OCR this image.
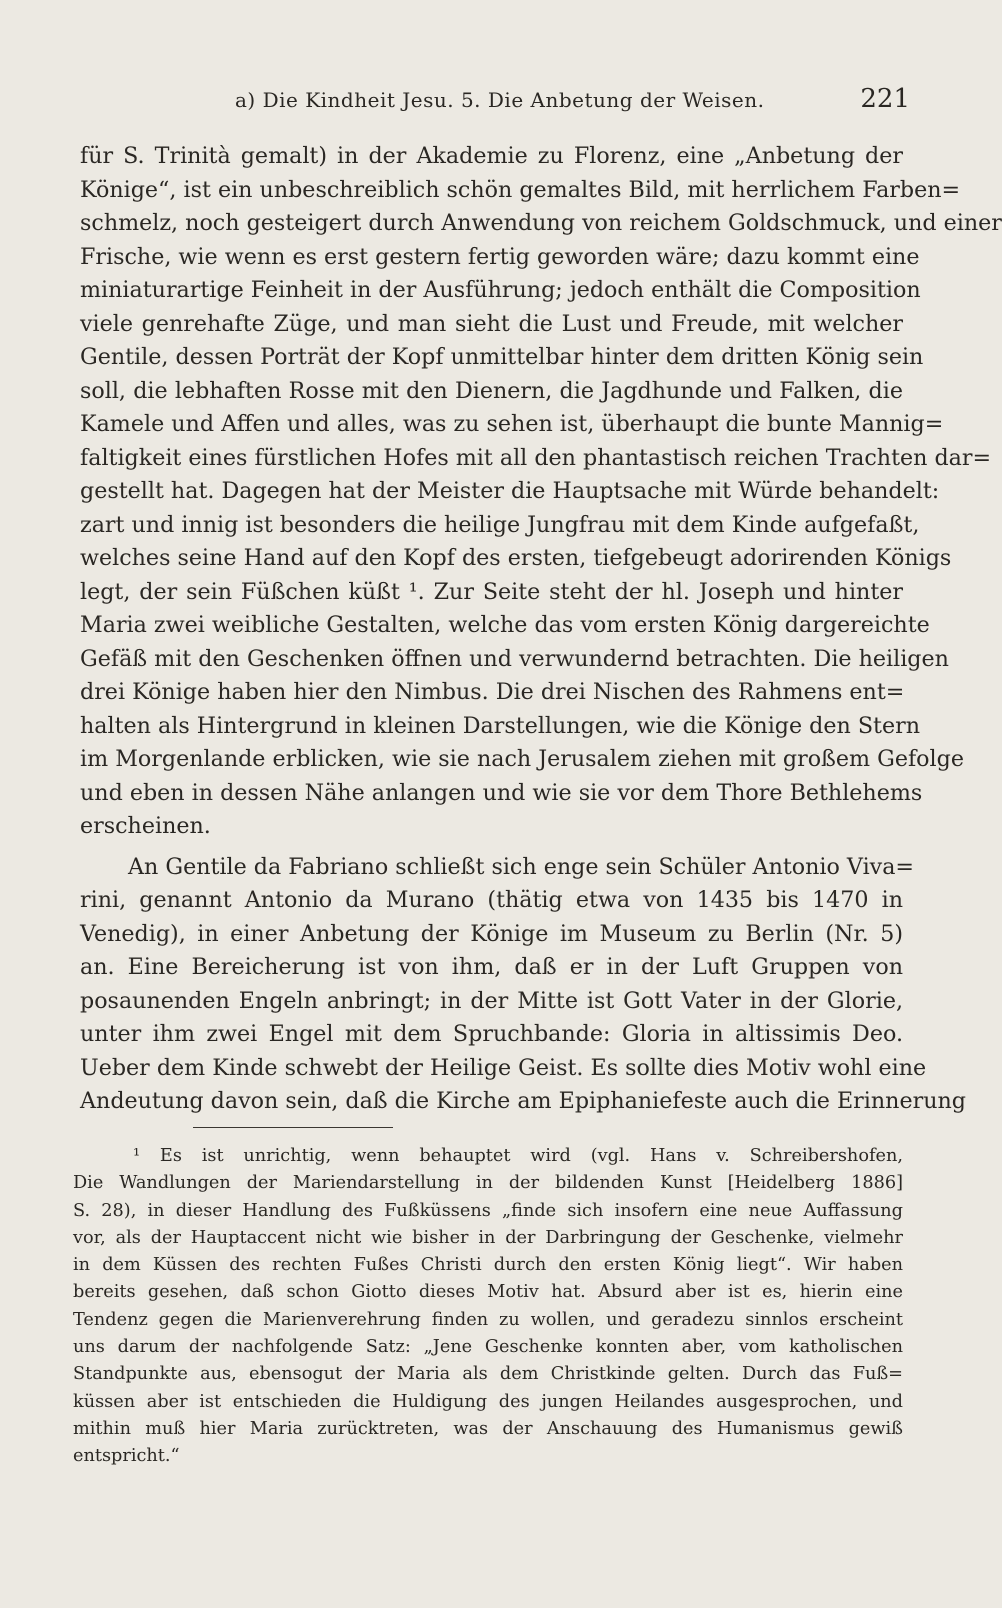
a) Die Kindheit Jesu. 5. Die Anbetung der Weisen.	221
für S. Trinità gemalt) in der Akademie zu Florenz, eine „Anbetung der
Könige“, ist ein unbeschreiblich schön gemaltes Bild, mit herrlichem Farben=
schmelz, noch gesteigert durch Anwendung von reichem Goldschmuck, und einer
Frische, wie wenn es erst gestern fertig geworden wäre; dazu kommt eine
miniaturartige Feinheit in der Ausführung; jedoch enthält die Composition
viele genrehafte Züge, und man sieht die Lust und Freude, mit welcher
Gentile, dessen Porträt der Kopf unmittelbar hinter dem dritten König sein
soll, die lebhaften Rosse mit den Dienern, die Jagdhunde und Falken, die
Kamele und Affen und alles, was zu sehen ist, überhaupt die bunte Mannig=
faltigkeit eines fürstlichen Hofes mit all den phantastisch reichen Trachten dar=
gestellt hat. Dagegen hat der Meister die Hauptsache mit Würde behandelt:
zart und innig ist besonders die heilige Jungfrau mit dem Kinde aufgefaßt,
welches seine Hand auf den Kopf des ersten, tiefgebeugt adorirenden Königs
legt, der sein Füßchen küßt ¹. Zur Seite steht der hl. Joseph und hinter
Maria zwei weibliche Gestalten, welche das vom ersten König dargereichte
Gefäß mit den Geschenken öffnen und verwundernd betrachten. Die heiligen
drei Könige haben hier den Nimbus. Die drei Nischen des Rahmens ent=
halten als Hintergrund in kleinen Darstellungen, wie die Könige den Stern
im Morgenlande erblicken, wie sie nach Jerusalem ziehen mit großem Gefolge
und eben in dessen Nähe anlangen und wie sie vor dem Thore Bethlehems
erscheinen.
An Gentile da Fabriano schließt sich enge sein Schüler Antonio Viva=
rini, genannt Antonio da Murano (thätig etwa von 1435 bis 1470 in
Venedig), in einer Anbetung der Könige im Museum zu Berlin (Nr. 5)
an. Eine Bereicherung ist von ihm, daß er in der Luft Gruppen von
posaunenden Engeln anbringt; in der Mitte ist Gott Vater in der Glorie,
unter ihm zwei Engel mit dem Spruchbande: Gloria in altissimis Deo.
Ueber dem Kinde schwebt der Heilige Geist. Es sollte dies Motiv wohl eine
Andeutung davon sein, daß die Kirche am Epiphaniefeste auch die Erinnerung
¹ Es ist unrichtig, wenn behauptet wird (vgl. Hans v. Schreibershofen,
Die Wandlungen der Mariendarstellung in der bildenden Kunst [Heidelberg 1886]
S. 28), in dieser Handlung des Fußküssens „finde sich insofern eine neue Auffassung
vor, als der Hauptaccent nicht wie bisher in der Darbringung der Geschenke, vielmehr
in dem Küssen des rechten Fußes Christi durch den ersten König liegt“. Wir haben
bereits gesehen, daß schon Giotto dieses Motiv hat. Absurd aber ist es, hierin eine
Tendenz gegen die Marienverehrung finden zu wollen, und geradezu sinnlos erscheint
uns darum der nachfolgende Satz: „Jene Geschenke konnten aber, vom katholischen
Standpunkte aus, ebensogut der Maria als dem Christkinde gelten. Durch das Fuß=
küssen aber ist entschieden die Huldigung des jungen Heilandes ausgesprochen, und
mithin muß hier Maria zurücktreten, was der Anschauung des Humanismus gewiß
entspricht.“
